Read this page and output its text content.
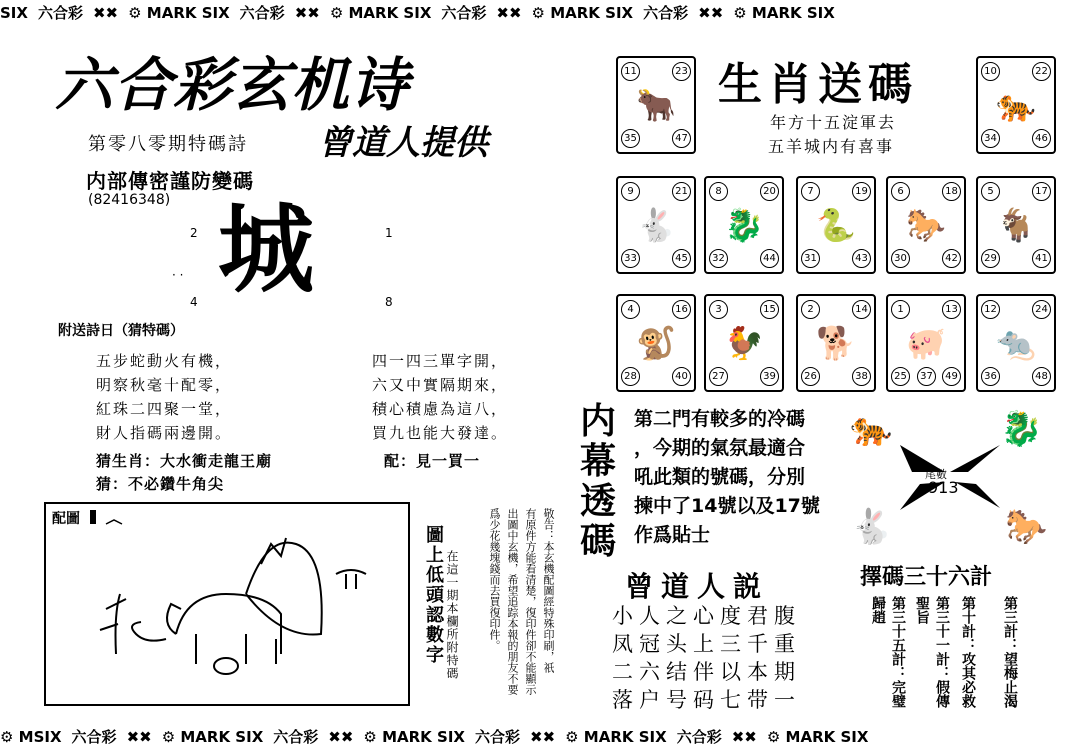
SIX 六合彩 ✖✖ ⚙ MARK SIX 六合彩 ✖✖ ⚙ MARK SIX 六合彩 ✖✖ ⚙ MARK SIX 六合彩 ✖✖ ⚙ MARK SIX
六合彩玄机诗
曾道人提供
第零八零期特碼詩
内部傳密謹防變碼
(82416348)
2	1
4	8
· · 城
附送詩日（猜特碼）
五步蛇動火有機，
明察秋毫十配零，
紅珠二四聚一堂，
財人指碼兩邊開。
四一四三單字開，
六又中實隔期來，
積心積慮為這八，
買九也能大發達。
猜生肖：大水衝走龍王廟	配：見一買一
猜：不必鑽牛角尖
配圖
圖上低頭認數字 在這一期本欄所附特碼	敬告：本玄機配圖經特殊印刷，祇
有原件方能看清楚，復印件卻不能顯示
出圖中玄機，希望追踪本報的朋友不要
爲少花幾塊錢而去買復印件。
生肖送碼
年方十五淀軍去
五羊城内有喜事
11	23
35	47
🐂
10	22
34	46
🐅
9	21
33	45
🐇
8	20
32	44
🐉
7	19
31	43
🐍
6	18
30	42
🐎
5	17
29	41
🐐
4	16
28	40
🐒
3	15
27	39
🐓
2	14
26	38
🐕
1	13
25	49
37
🐖
12	24
36	48
🐀
内幕透碼
第二門有較多的冷碼
，今期的氣氛最適合
吼此類的號碼，分別
揀中了14號以及17號
作爲貼士
🐅	🐉
🐇	🐎
尾數
913
曾道人説
小人之心度君腹
凤冠头上三千重
二六结伴以本期
落户号码七带一
擇碼三十六計
第三計：望梅止渴
第十計：攻其必救
第三十一計：假傳聖旨
第三十五計：完璧歸趙
⚙ MSIX 六合彩 ✖✖ ⚙ MARK SIX 六合彩 ✖✖ ⚙ MARK SIX 六合彩 ✖✖ ⚙ MARK SIX 六合彩 ✖✖ ⚙ MARK SIX
